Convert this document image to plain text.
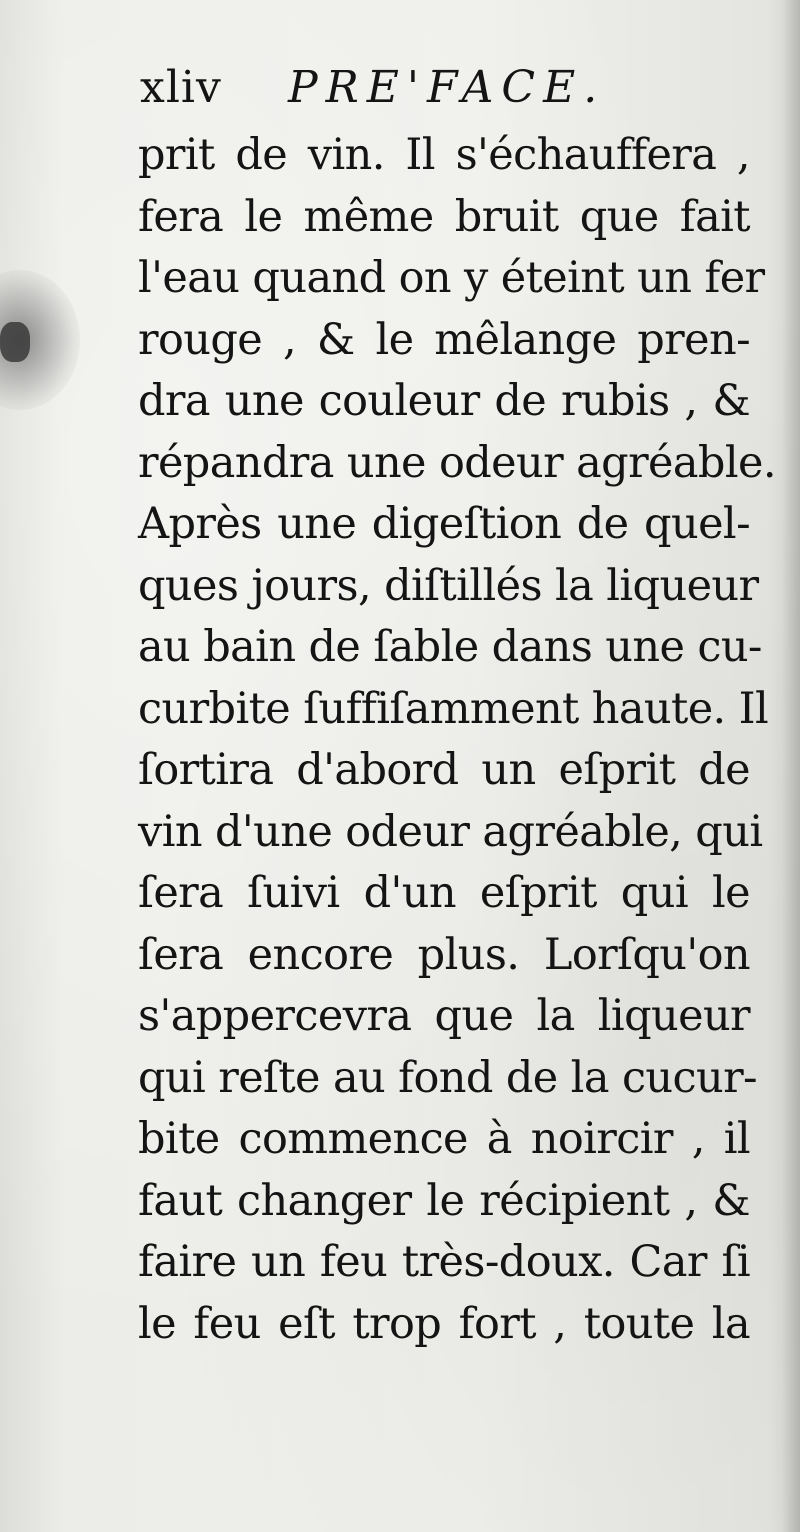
xliv PRE'FACE.
prit de vin. Il s'échauffera ,
fera le même bruit que fait
l'eau quand on y éteint un fer
rouge , & le mêlange pren-
dra une couleur de rubis , &
répandra une odeur agréable.
Après une digeſtion de quel-
ques jours, diſtillés la liqueur
au bain de ſable dans une cu-
curbite ſuffiſamment haute. Il
ſortira d'abord un eſprit de
vin d'une odeur agréable, qui
ſera ſuivi d'un eſprit qui le
ſera encore plus. Lorſqu'on
s'appercevra que la liqueur
qui reſte au fond de la cucur-
bite commence à noircir , il
faut changer le récipient , &
faire un feu très-doux. Car ſi
le feu eſt trop fort , toute la
